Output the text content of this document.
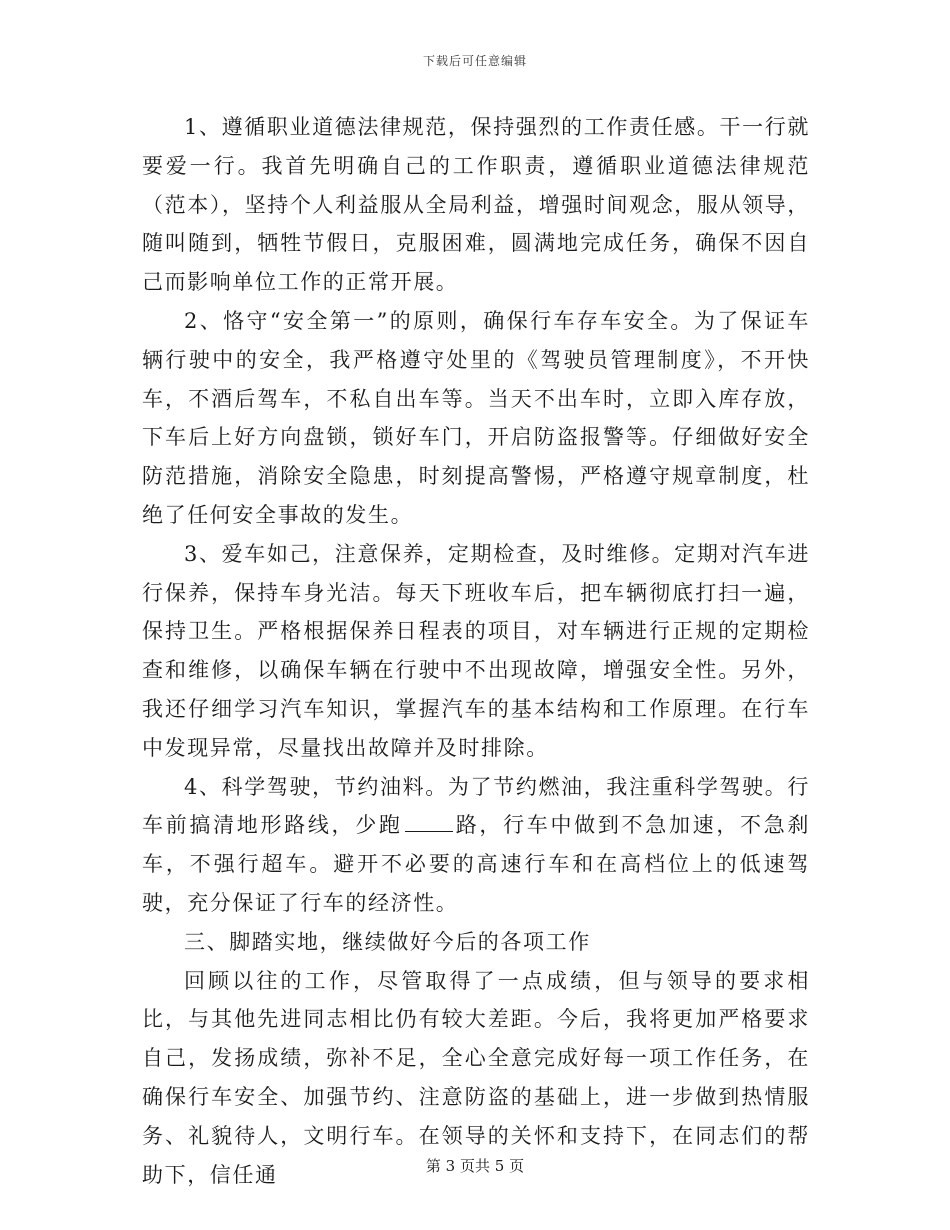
下载后可任意编辑

1、遵循职业道德法律规范，保持强烈的工作责任感。干一行就要爱一行。我首先明确自己的工作职责，遵循职业道德法律规范（范本），坚持个人利益服从全局利益，增强时间观念，服从领导，随叫随到，牺牲节假日，克服困难，圆满地完成任务，确保不因自己而影响单位工作的正常开展。

2、恪守“安全第一”的原则，确保行车存车安全。为了保证车辆行驶中的安全，我严格遵守处里的《驾驶员管理制度》，不开快车，不酒后驾车，不私自出车等。当天不出车时，立即入库存放，下车后上好方向盘锁，锁好车门，开启防盗报警等。仔细做好安全防范措施，消除安全隐患，时刻提高警惕，严格遵守规章制度，杜绝了任何安全事故的发生。

3、爱车如己，注意保养，定期检查，及时维修。定期对汽车进行保养，保持车身光洁。每天下班收车后，把车辆彻底打扫一遍，保持卫生。严格根据保养日程表的项目，对车辆进行正规的定期检查和维修，以确保车辆在行驶中不出现故障，增强安全性。另外，我还仔细学习汽车知识，掌握汽车的基本结构和工作原理。在行车中发现异常，尽量找出故障并及时排除。

4、科学驾驶，节约油料。为了节约燃油，我注重科学驾驶。行车前搞清地形路线，少跑 路，行车中做到不急加速，不急刹车，不强行超车。避开不必要的高速行车和在高档位上的低速驾驶，充分保证了行车的经济性。

三、脚踏实地，继续做好今后的各项工作

回顾以往的工作，尽管取得了一点成绩，但与领导的要求相比，与其他先进同志相比仍有较大差距。今后，我将更加严格要求自己，发扬成绩，弥补不足，全心全意完成好每一项工作任务，在确保行车安全、加强节约、注意防盗的基础上，进一步做到热情服务、礼貌待人，文明行车。在领导的关怀和支持下，在同志们的帮助下，信任通	第 3 页共 5 页
